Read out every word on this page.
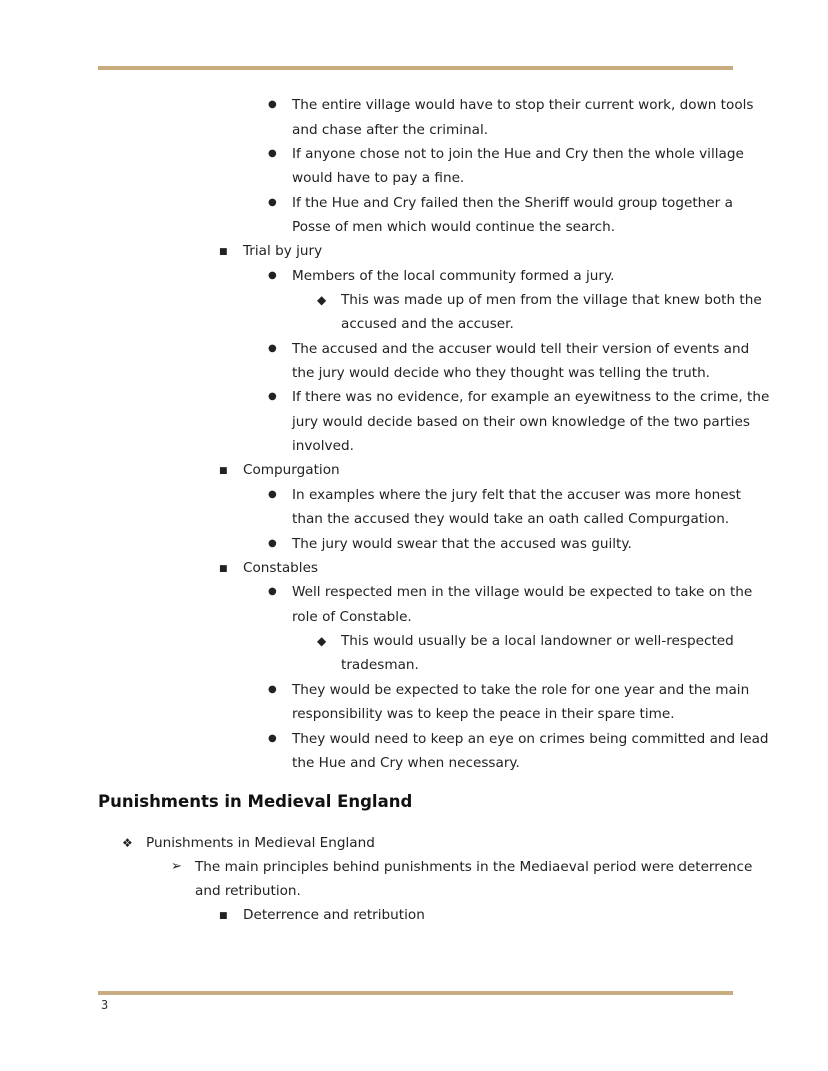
● The entire village would have to stop their current work, down tools
and chase after the criminal.
● If anyone chose not to join the Hue and Cry then the whole village
would have to pay a fine.
● If the Hue and Cry failed then the Sheriff would group together a
Posse of men which would continue the search.
■ Trial by jury
● Members of the local community formed a jury.
◆ This was made up of men from the village that knew both the
accused and the accuser.
● The accused and the accuser would tell their version of events and
the jury would decide who they thought was telling the truth.
● If there was no evidence, for example an eyewitness to the crime, the
jury would decide based on their own knowledge of the two parties
involved.
■ Compurgation
● In examples where the jury felt that the accuser was more honest
than the accused they would take an oath called Compurgation.
● The jury would swear that the accused was guilty.
■ Constables
● Well respected men in the village would be expected to take on the
role of Constable.
◆ This would usually be a local landowner or well-respected
tradesman.
● They would be expected to take the role for one year and the main
responsibility was to keep the peace in their spare time.
● They would need to keep an eye on crimes being committed and lead
the Hue and Cry when necessary.
Punishments in Medieval England
❖ Punishments in Medieval England
➢ The main principles behind punishments in the Mediaeval period were deterrence
and retribution.
■ Deterrence and retribution
3
